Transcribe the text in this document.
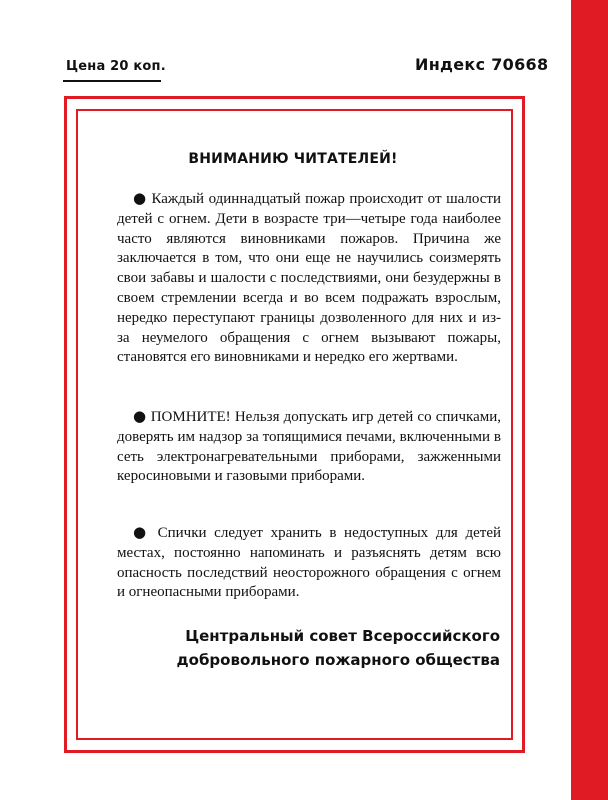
Цена 20 коп.	Индекс 70668
ВНИМАНИЮ ЧИТАТЕЛЕЙ!

● Каждый одиннадцатый пожар происходит от шалости детей с огнем. Дети в возрасте три—четыре года наиболее часто являются виновниками пожаров. Причина же заключается в том, что они еще не научились соизмерять свои забавы и шалости с последствиями, они безудержны в своем стремлении всегда и во всем подражать взрослым, нередко переступают границы дозволенного для них и из-за неумелого обращения с огнем вызывают пожары, становятся его виновниками и нередко его жертвами.

● ПОМНИТЕ! Нельзя допускать игр детей со спичками, доверять им надзор за топящимися печами, включенными в сеть электронагревательными приборами, зажженными керосиновыми и газовыми приборами.

● Спички следует хранить в недоступных для детей местах, постоянно напоминать и разъяснять детям всю опасность последствий неосторожного обращения с огнем и огнеопасными приборами.

Центральный совет Всероссийского
добровольного пожарного общества
